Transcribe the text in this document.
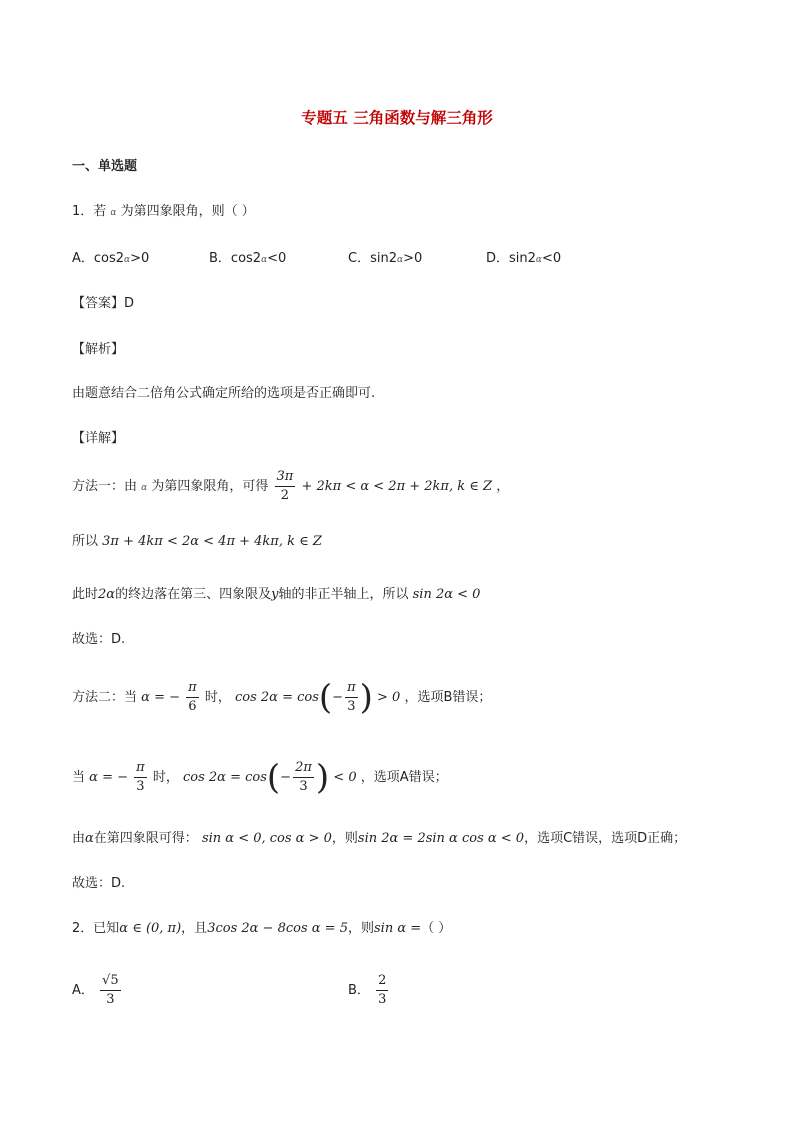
专题五 三角函数与解三角形
一、单选题
1．若 α 为第四象限角，则（ ）
A．cos2α>0	B．cos2α<0	C．sin2α>0	D．sin2α<0
【答案】D
【解析】
由题意结合二倍角公式确定所给的选项是否正确即可.
【详解】
方法一：由 α 为第四象限角，可得 $\frac{3\pi}{2} + 2k\pi < \alpha < 2\pi + 2k\pi$, k ∈ Z ，
所以 3π + 4kπ < 2α < 4π + 4kπ, k ∈ Z
此时2α的终边落在第三、四象限及y轴的非正半轴上，所以 sin 2α < 0
故选：D.
方法二：当 α = − $\frac{\pi}{6}$ 时， $\cos 2\alpha = \cos(- \frac{\pi}{3}$ ) > 0 ，选项B错误；
当 α = − $\frac{\pi}{3}$ 时， $\cos 2\alpha = \cos(- \frac{2\pi}{3}$ ) < 0 ，选项A错误；
由α在第四象限可得： sin α < 0, cos α > 0，则sin 2α = 2sin α cos α < 0，选项C错误，选项D正确；
故选：D.
2．已知α ∈ (0, π)，且3cos 2α − 8cos α = 5，则sin α =（ ）
A． $\frac{√5}{3}$	B． $\frac{2}{3}$
